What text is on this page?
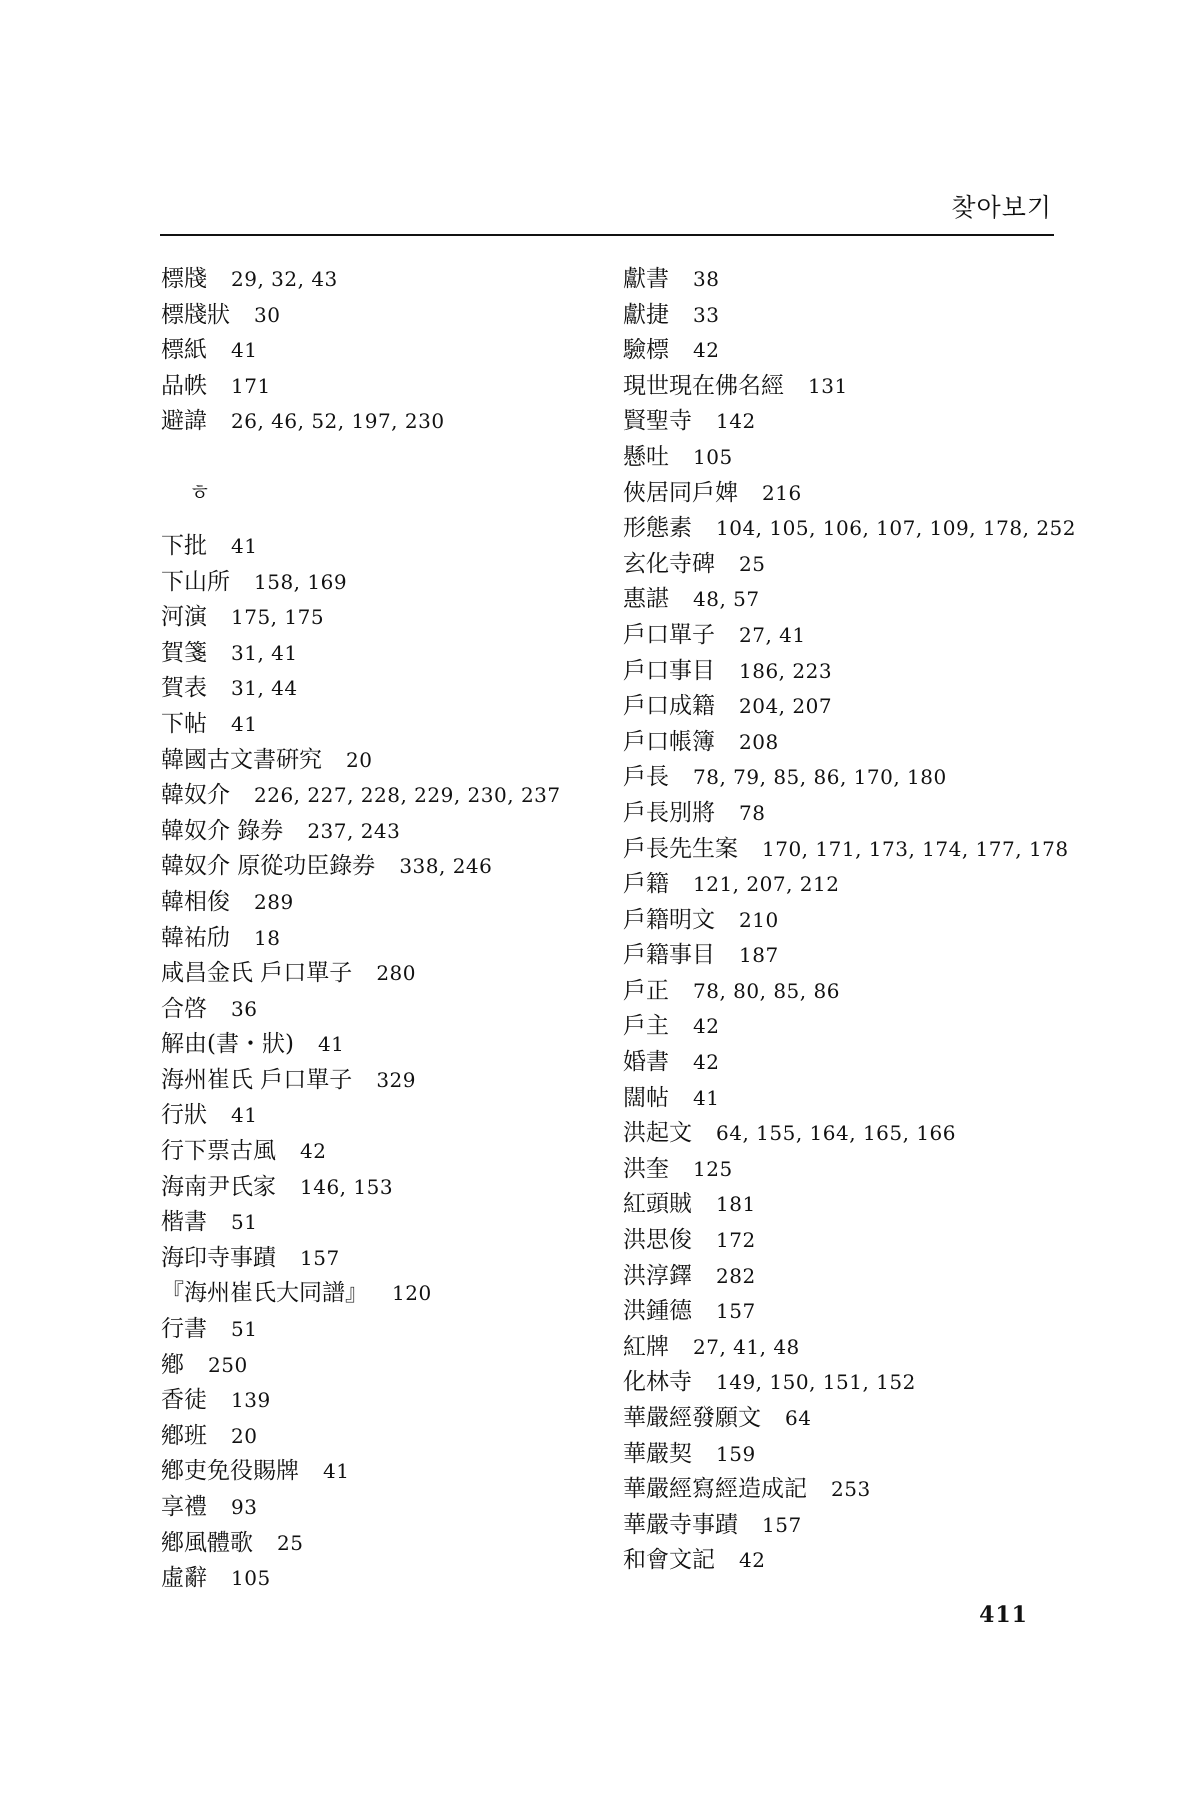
찾아보기
標牋 29, 32, 43
標牋狀 30
標紙 41
品帙 171
避諱 26, 46, 52, 197, 230
ㅎ
下批 41
下山所 158, 169
河演 175, 175
賀箋 31, 41
賀表 31, 44
下帖 41
韓國古文書硏究 20
韓奴介 226, 227, 228, 229, 230, 237
韓奴介 錄券 237, 243
韓奴介 原從功臣錄券 338, 246
韓相俊 289
韓祐劤 18
咸昌金氏 戶口單子 280
合啓 36
解由(書・狀) 41
海州崔氏 戶口單子 329
行狀 41
行下票古風 42
海南尹氏家 146, 153
楷書 51
海印寺事蹟 157
『海州崔氏大同譜』 120
行書 51
鄕 250
香徒 139
鄕班 20
鄕吏免役賜牌 41
享禮 93
鄕風體歌 25
虛辭 105
獻書 38
獻捷 33
驗標 42
現世現在佛名經 131
賢聖寺 142
懸吐 105
俠居同戶婢 216
形態素 104, 105, 106, 107, 109, 178, 252
玄化寺碑 25
惠諶 48, 57
戶口單子 27, 41
戶口事目 186, 223
戶口成籍 204, 207
戶口帳簿 208
戶長 78, 79, 85, 86, 170, 180
戶長別將 78
戶長先生案 170, 171, 173, 174, 177, 178
戶籍 121, 207, 212
戶籍明文 210
戶籍事目 187
戶正 78, 80, 85, 86
戶主 42
婚書 42
闊帖 41
洪起文 64, 155, 164, 165, 166
洪奎 125
紅頭賊 181
洪思俊 172
洪淳鐸 282
洪鍾德 157
紅牌 27, 41, 48
化林寺 149, 150, 151, 152
華嚴經發願文 64
華嚴契 159
華嚴經寫經造成記 253
華嚴寺事蹟 157
和會文記 42
411
